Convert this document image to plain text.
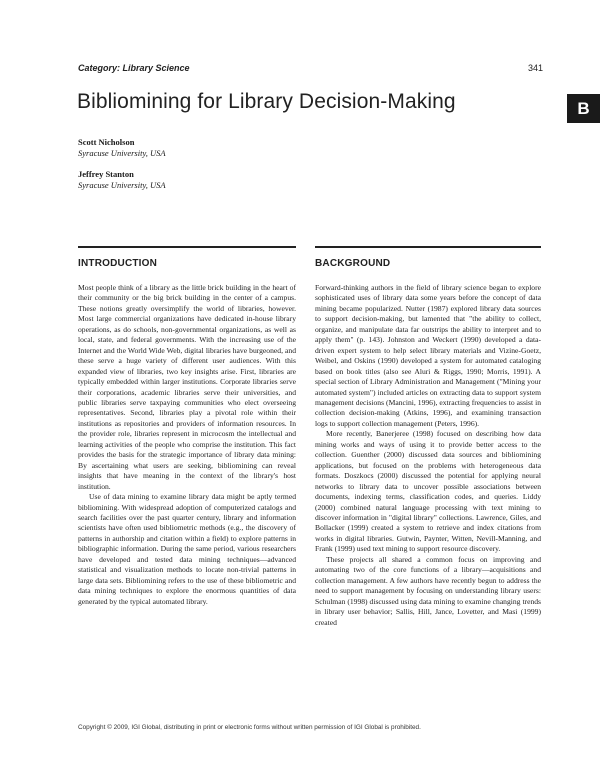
Category: Library Science	341
Bibliomining for Library Decision-Making	B
Scott Nicholson
Syracuse University, USA
Jeffrey Stanton
Syracuse University, USA
INTRODUCTION

Most people think of a library as the little brick building in the heart of their community or the big brick building in the center of a campus. These notions greatly oversimplify the world of libraries, however. Most large commercial organizations have dedicated in-house library operations, as do schools, non-governmental organizations, as well as local, state, and federal governments. With the increasing use of the Internet and the World Wide Web, digital libraries have burgeoned, and these serve a huge variety of different user audiences. With this expanded view of libraries, two key insights arise. First, libraries are typically embedded within larger institutions. Corporate libraries serve their corporations, academic libraries serve their universities, and public libraries serve taxpaying communities who elect overseeing representatives. Second, libraries play a pivotal role within their institutions as repositories and providers of information resources. In the provider role, libraries represent in microcosm the intellectual and learning activities of the people who comprise the institution. This fact provides the basis for the strategic importance of library data mining: By ascertaining what users are seeking, bibliomining can reveal insights that have meaning in the context of the library's host institution.

Use of data mining to examine library data might be aptly termed bibliomining. With widespread adoption of computerized catalogs and search facilities over the past quarter century, library and information scientists have often used bibliometric methods (e.g., the discovery of patterns in authorship and citation within a field) to explore patterns in bibliographic information. During the same period, various researchers have developed and tested data mining techniques—advanced statistical and visualization methods to locate non-trivial patterns in large data sets. Bibliomining refers to the use of these bibliometric and data mining techniques to explore the enormous quantities of data generated by the typical automated library.

BACKGROUND

Forward-thinking authors in the field of library science began to explore sophisticated uses of library data some years before the concept of data mining became popularized. Nutter (1987) explored library data sources to support decision-making, but lamented that "the ability to collect, organize, and manipulate data far outstrips the ability to interpret and to apply them" (p. 143). Johnston and Weckert (1990) developed a data-driven expert system to help select library materials and Vizine-Goetz, Weibel, and Oskins (1990) developed a system for automated cataloging based on book titles (also see Aluri & Riggs, 1990; Morris, 1991). A special section of Library Administration and Management ("Mining your automated system") included articles on extracting data to support system management decisions (Mancini, 1996), extracting frequencies to assist in collection decision-making (Atkins, 1996), and examining transaction logs to support collection management (Peters, 1996).

More recently, Banerjeree (1998) focused on describing how data mining works and ways of using it to provide better access to the collection. Guenther (2000) discussed data sources and bibliomining applications, but focused on the problems with heterogeneous data formats. Doszkocs (2000) discussed the potential for applying neural networks to library data to uncover possible associations between documents, indexing terms, classification codes, and queries. Liddy (2000) combined natural language processing with text mining to discover information in "digital library" collections. Lawrence, Giles, and Bollacker (1999) created a system to retrieve and index citations from works in digital libraries. Gutwin, Paynter, Witten, Nevill-Manning, and Frank (1999) used text mining to support resource discovery.

These projects all shared a common focus on improving and automating two of the core functions of a library—acquisitions and collection management. A few authors have recently begun to address the need to support management by focusing on understanding library users: Schulman (1998) discussed using data mining to examine changing trends in library user behavior; Sallis, Hill, Jance, Lovetter, and Masi (1999) created

Copyright © 2009, IGI Global, distributing in print or electronic forms without written permission of IGI Global is prohibited.
